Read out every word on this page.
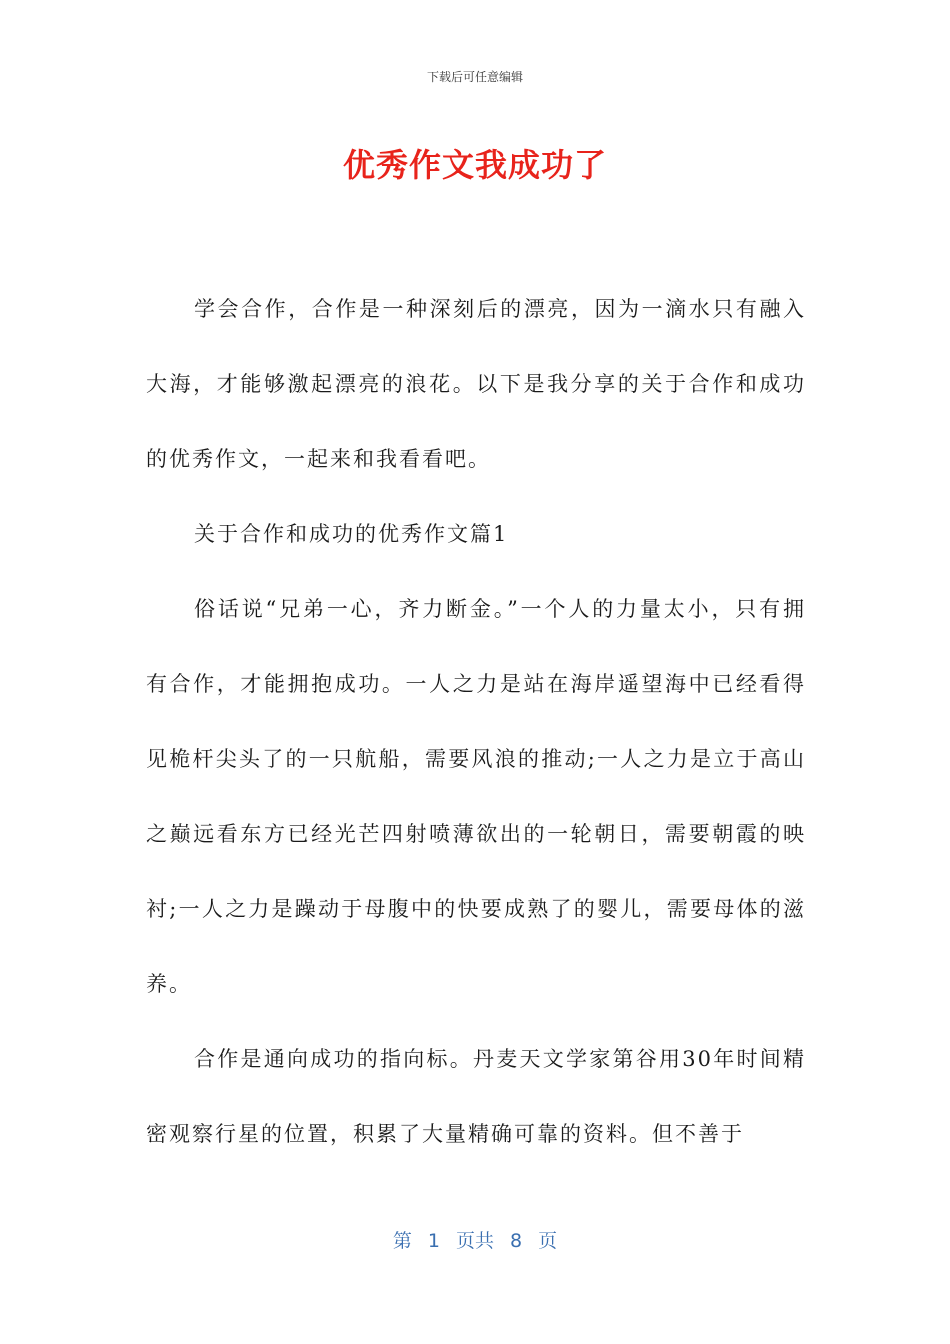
下载后可任意编辑
优秀作文我成功了

学会合作，合作是一种深刻后的漂亮，因为一滴水只有融入大海，才能够激起漂亮的浪花。以下是我分享的关于合作和成功的优秀作文，一起来和我看看吧。

关于合作和成功的优秀作文篇1

俗话说“兄弟一心，齐力断金。”一个人的力量太小，只有拥有合作，才能拥抱成功。一人之力是站在海岸遥望海中已经看得见桅杆尖头了的一只航船，需要风浪的推动;一人之力是立于高山之巅远看东方已经光芒四射喷薄欲出的一轮朝日，需要朝霞的映衬;一人之力是躁动于母腹中的快要成熟了的婴儿，需要母体的滋养。

合作是通向成功的指向标。丹麦天文学家第谷用30年时间精密观察行星的位置，积累了大量精确可靠的资料。但不善于

第 1 页共 8 页
